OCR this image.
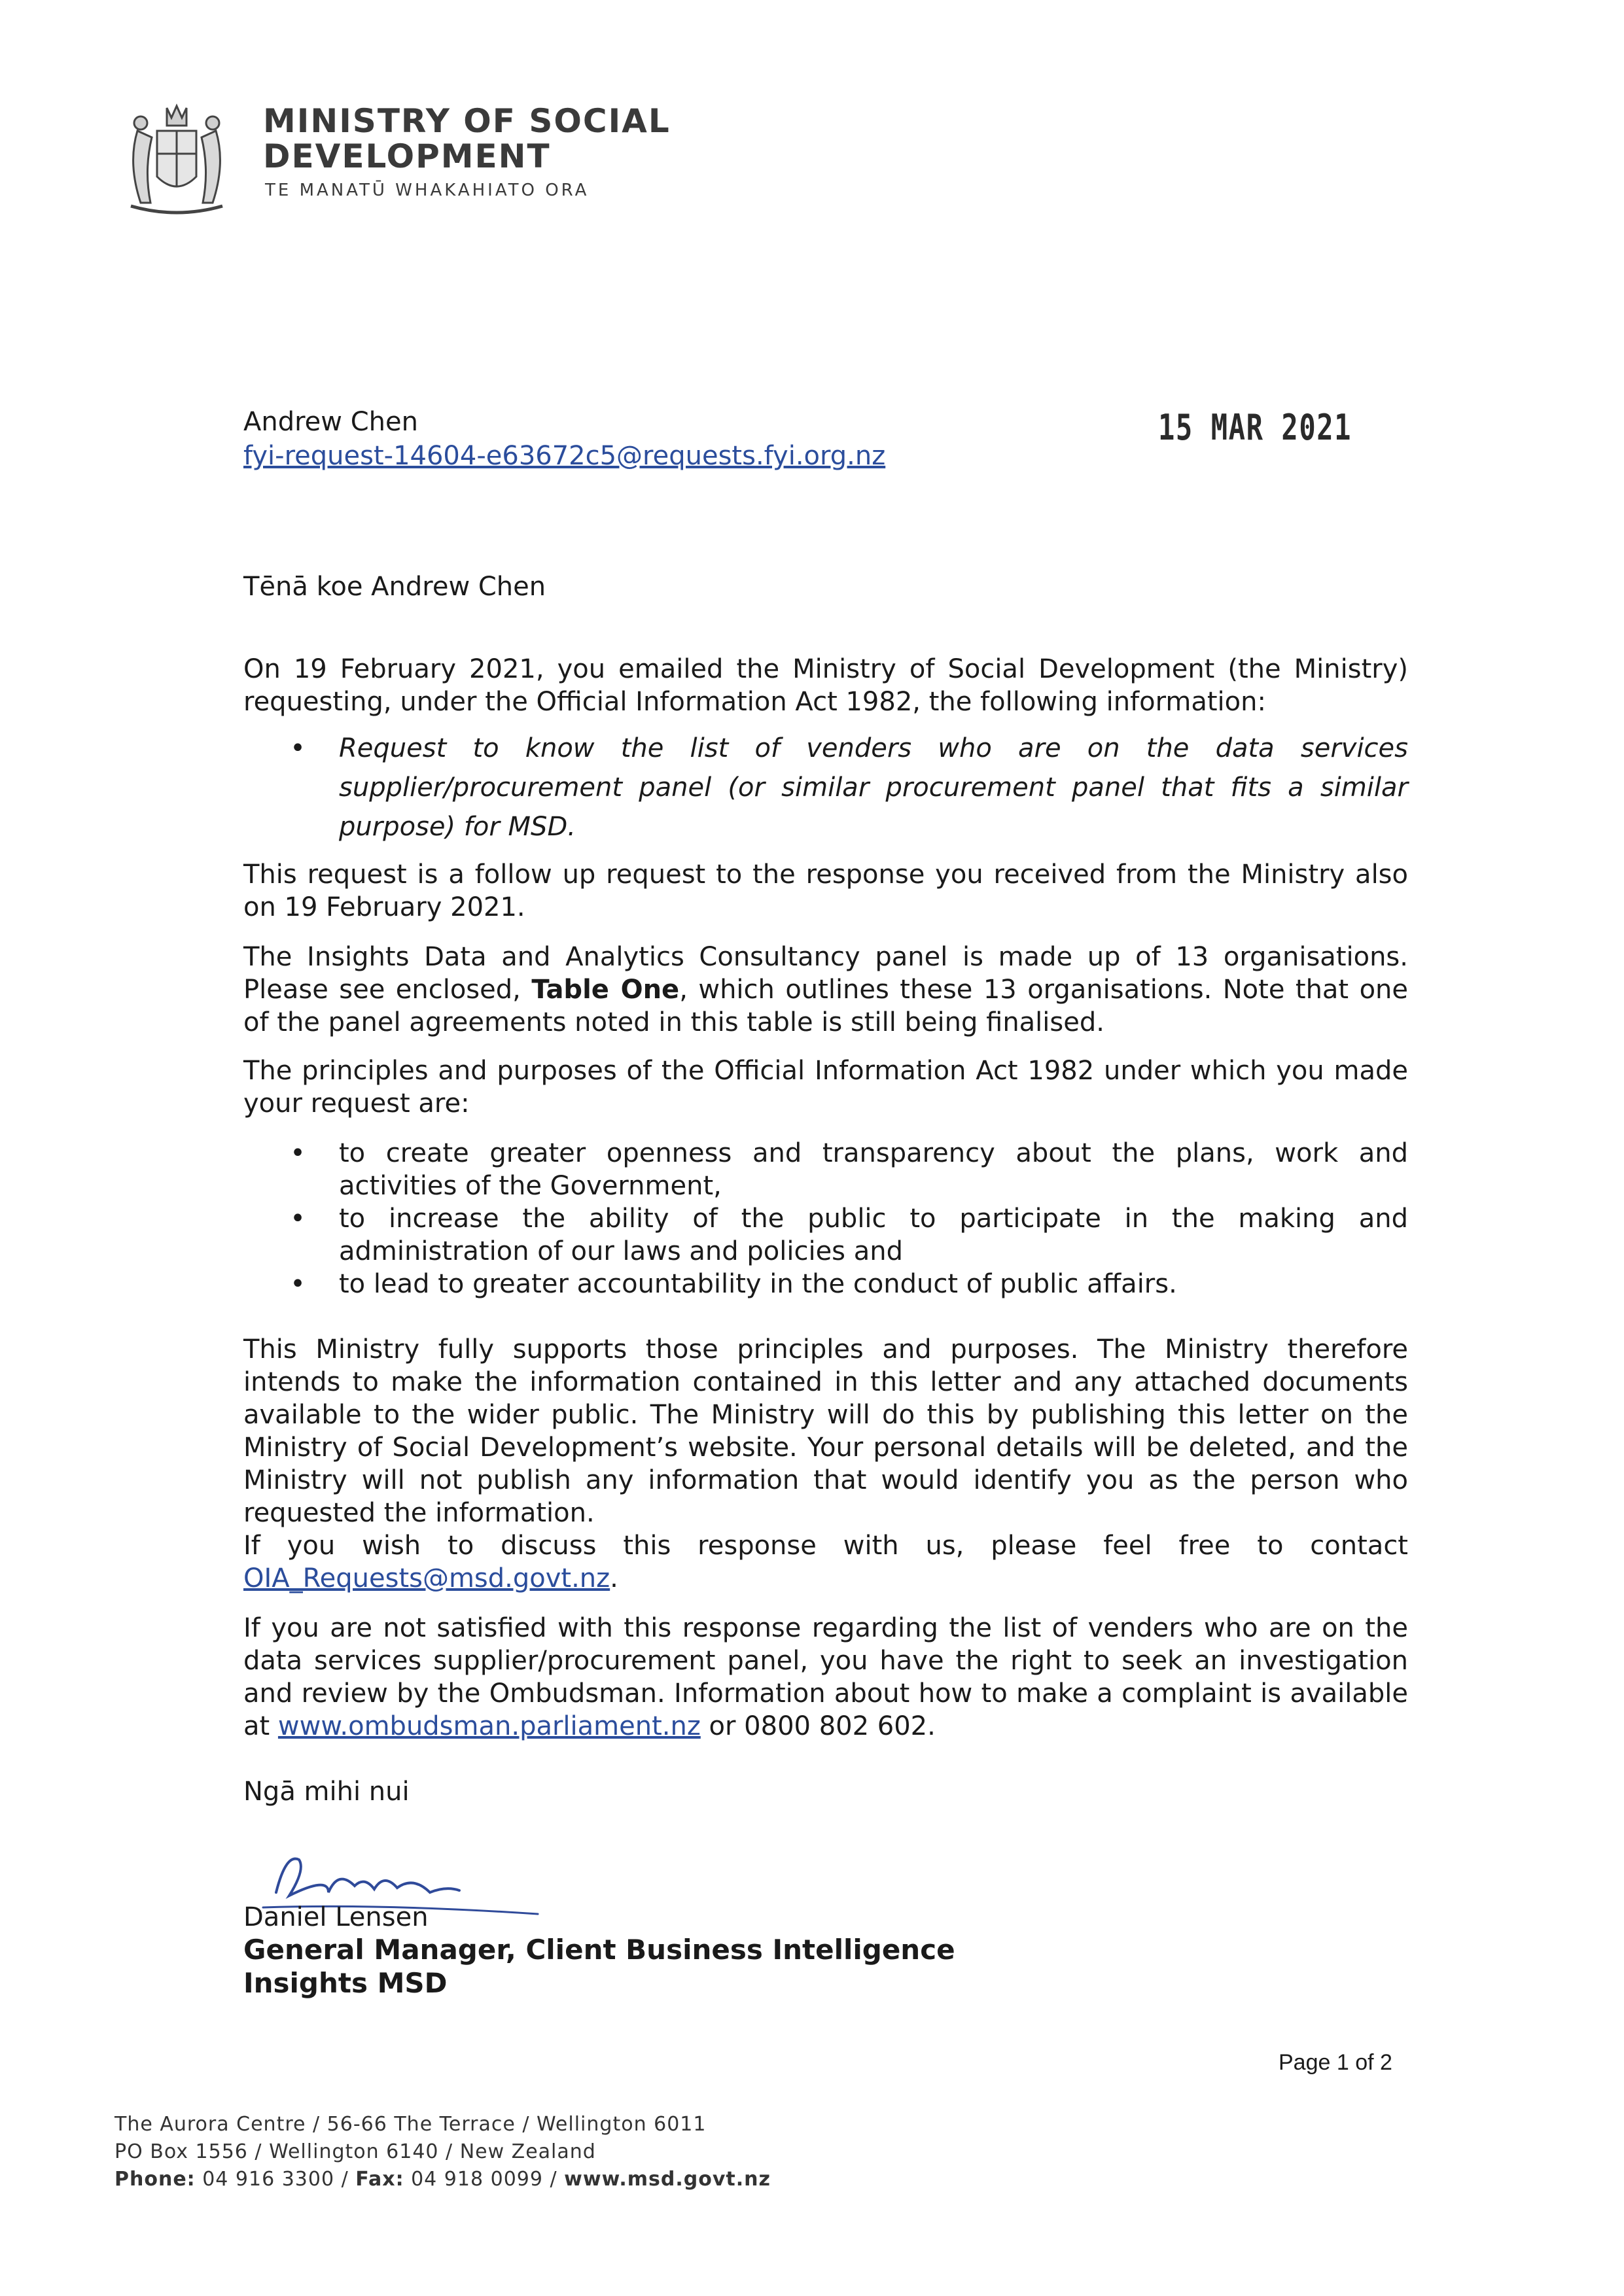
MINISTRY OF SOCIAL
DEVELOPMENT
TE MANATŪ WHAKAHIATO ORA
Andrew Chen
fyi-request-14604-e63672c5@requests.fyi.org.nz
15 MAR 2021
Tēnā koe Andrew Chen

On 19 February 2021, you emailed the Ministry of Social Development (the Ministry) requesting, under the Official Information Act 1982, the following information:

• Request to know the list of venders who are on the data services supplier/procurement panel (or similar procurement panel that fits a similar purpose) for MSD.

This request is a follow up request to the response you received from the Ministry also on 19 February 2021.

The Insights Data and Analytics Consultancy panel is made up of 13 organisations. Please see enclosed, Table One, which outlines these 13 organisations. Note that one of the panel agreements noted in this table is still being finalised.

The principles and purposes of the Official Information Act 1982 under which you made your request are:

• to create greater openness and transparency about the plans, work and activities of the Government,
• to increase the ability of the public to participate in the making and administration of our laws and policies and
• to lead to greater accountability in the conduct of public affairs.

This Ministry fully supports those principles and purposes. The Ministry therefore intends to make the information contained in this letter and any attached documents available to the wider public. The Ministry will do this by publishing this letter on the Ministry of Social Development’s website. Your personal details will be deleted, and the Ministry will not publish any information that would identify you as the person who requested the information.

If you wish to discuss this response with us, please feel free to contact OIA_Requests@msd.govt.nz.

If you are not satisfied with this response regarding the list of venders who are on the data services supplier/procurement panel, you have the right to seek an investigation and review by the Ombudsman. Information about how to make a complaint is available at www.ombudsman.parliament.nz or 0800 802 602.

Ngā mihi nui
Daniel Lensen
General Manager, Client Business Intelligence
Insights MSD
Page 1 of 2
The Aurora Centre / 56-66 The Terrace / Wellington 6011
PO Box 1556 / Wellington 6140 / New Zealand
Phone: 04 916 3300 / Fax: 04 918 0099 / www.msd.govt.nz
